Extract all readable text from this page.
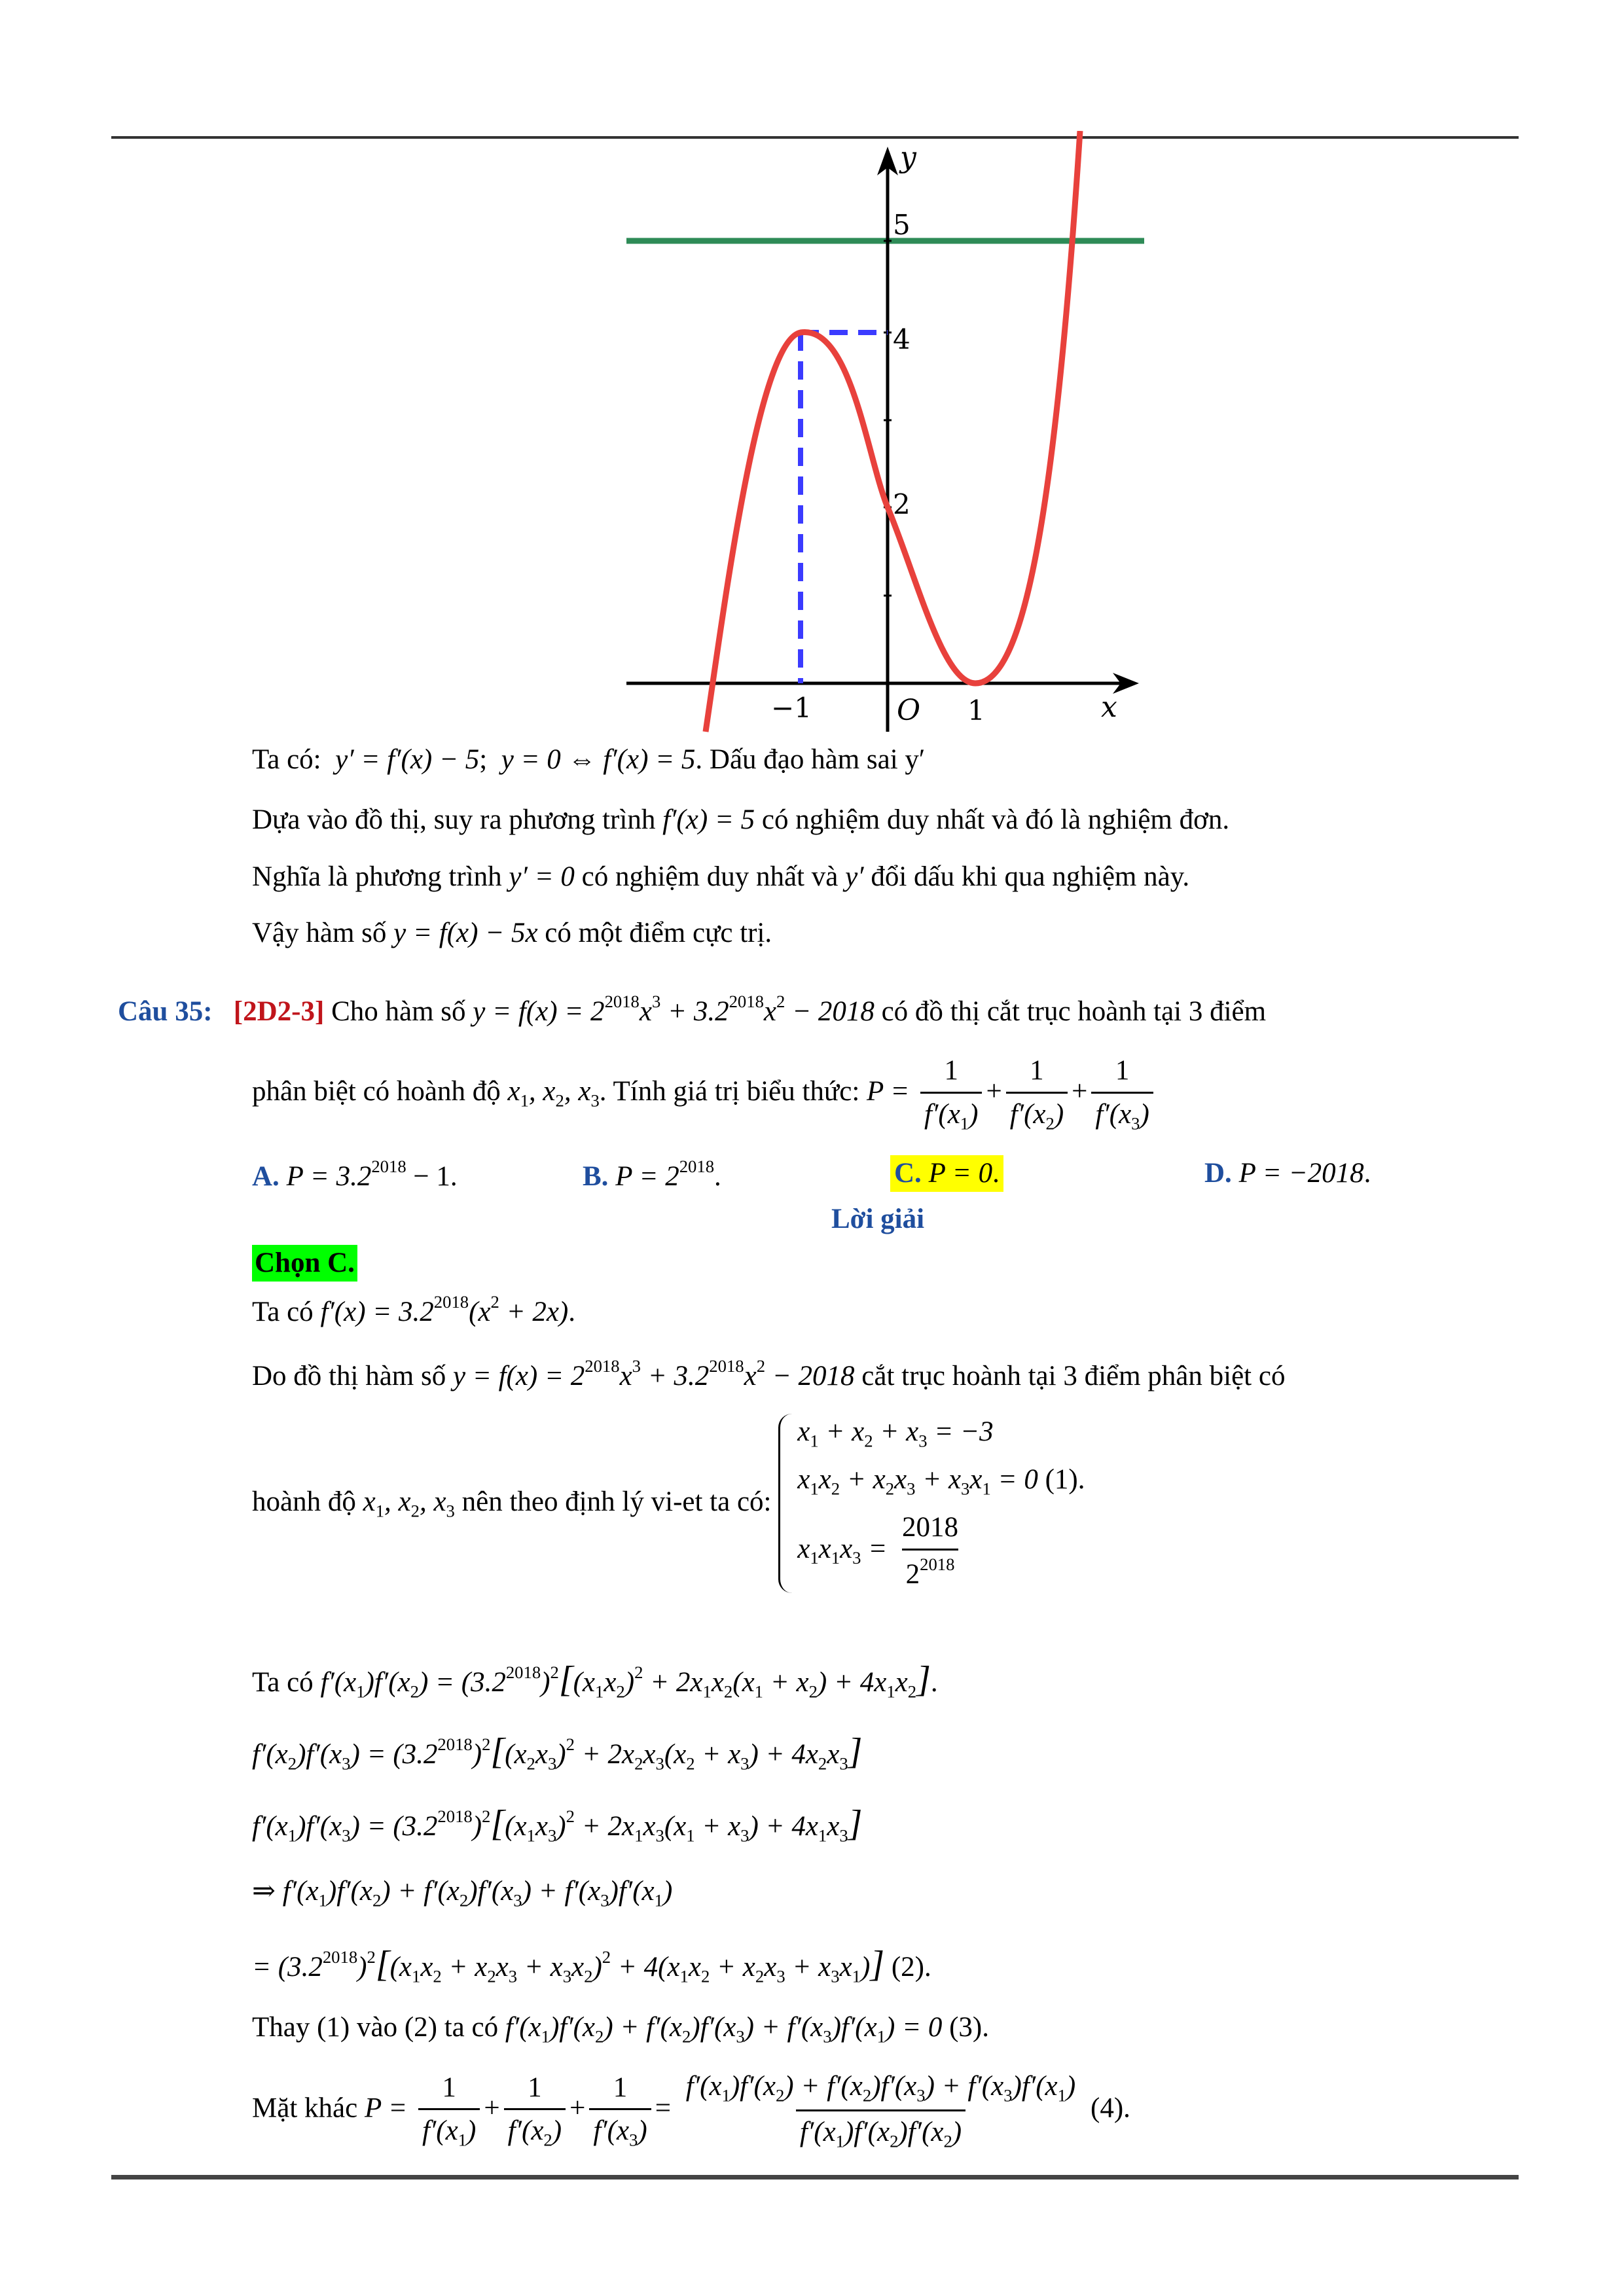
y
x
5
4
2
−1	O 1
Ta có: y′ = f′(x) − 5;  y = 0 ⇔ f′(x) = 5. Dấu đạo hàm sai y′
Dựa vào đồ thị, suy ra phương trình f′(x) = 5 có nghiệm duy nhất và đó là nghiệm đơn.
Nghĩa là phương trình y′ = 0 có nghiệm duy nhất và y′ đổi dấu khi qua nghiệm này.
Vậy hàm số y = f(x) − 5x có một điểm cực trị.
Câu 35: [2D2-3] Cho hàm số $y = f(x) = 2^{2018}x^3 + 3.2^{2018}x^2 - 2018$ có đồ thị cắt trục hoành tại 3 điểm
phân biệt có hoành độ $x_1$, $x_2$, $x_3$. Tính giá trị biểu thức: $P = \frac{1}{f'(x_1)} + \frac{1}{f'(x_2)} + \frac{1}{f'(x_3)}$
A. $P = 3.2^{2018} - 1$.	B. $P = 2^{2018}$.	C. P = 0.	D. P = −2018.
Lời giải
Chọn C.
Ta có $f'(x) = 3.2^{2018}(x^2 + 2x)$.
Do đồ thị hàm số $y = f(x) = 2^{2018}x^3 + 3.2^{2018}x^2 - 2018$ cắt trục hoành tại 3 điểm phân biệt có
hoành độ $x_1$, $x_2$, $x_3$ nên theo định lý vi-et ta có:
$x_1 + x_2 + x_3 = -3$
$x_1x_2 + x_2x_3 + x_3x_1 = 0$ (1).
$x_1x_1x_3 = \frac{2018}{2^{2018}}$
Ta có $f'(x_1)f'(x_2) = (3.2^{2018})^2[(x_1x_2)^2 + 2x_1x_2(x_1 + x_2) + 4x_1x_2]$.
$f'(x_2)f'(x_3) = (3.2^{2018})^2[(x_2x_3)^2 + 2x_2x_3(x_2 + x_3) + 4x_2x_3]$
$f'(x_1)f'(x_3) = (3.2^{2018})^2[(x_1x_3)^2 + 2x_1x_3(x_1 + x_3) + 4x_1x_3]$
⇒ $f'(x_1)f'(x_2) + f'(x_2)f'(x_3) + f'(x_3)f'(x_1)$
= $(3.2^{2018})^2[(x_1x_2 + x_2x_3 + x_3x_2)^2 + 4(x_1x_2 + x_2x_3 + x_3x_1)]$ (2).
Thay (1) vào (2) ta có $f'(x_1)f'(x_2) + f'(x_2)f'(x_3) + f'(x_3)f'(x_1) = 0$ (3).
Mặt khác $P = \frac{1}{f'(x_1)} + \frac{1}{f'(x_2)} + \frac{1}{f'(x_3)} = \frac{f'(x_1)f'(x_2) + f'(x_2)f'(x_3) + f'(x_3)f'(x_1)}{f'(x_1)f'(x_2)f'(x_2)} (4)$.
